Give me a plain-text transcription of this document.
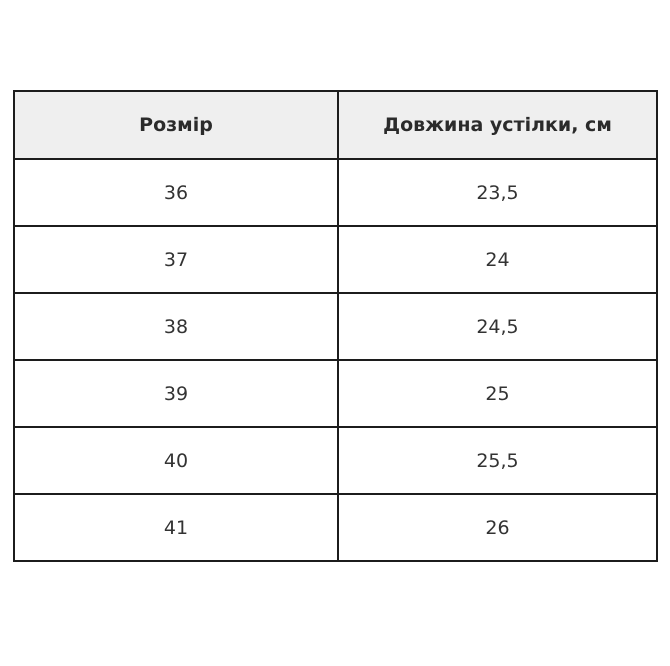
Розмір	Довжина устілки, см
36	23,5
37	24
38	24,5
39	25
40	25,5
41	26
